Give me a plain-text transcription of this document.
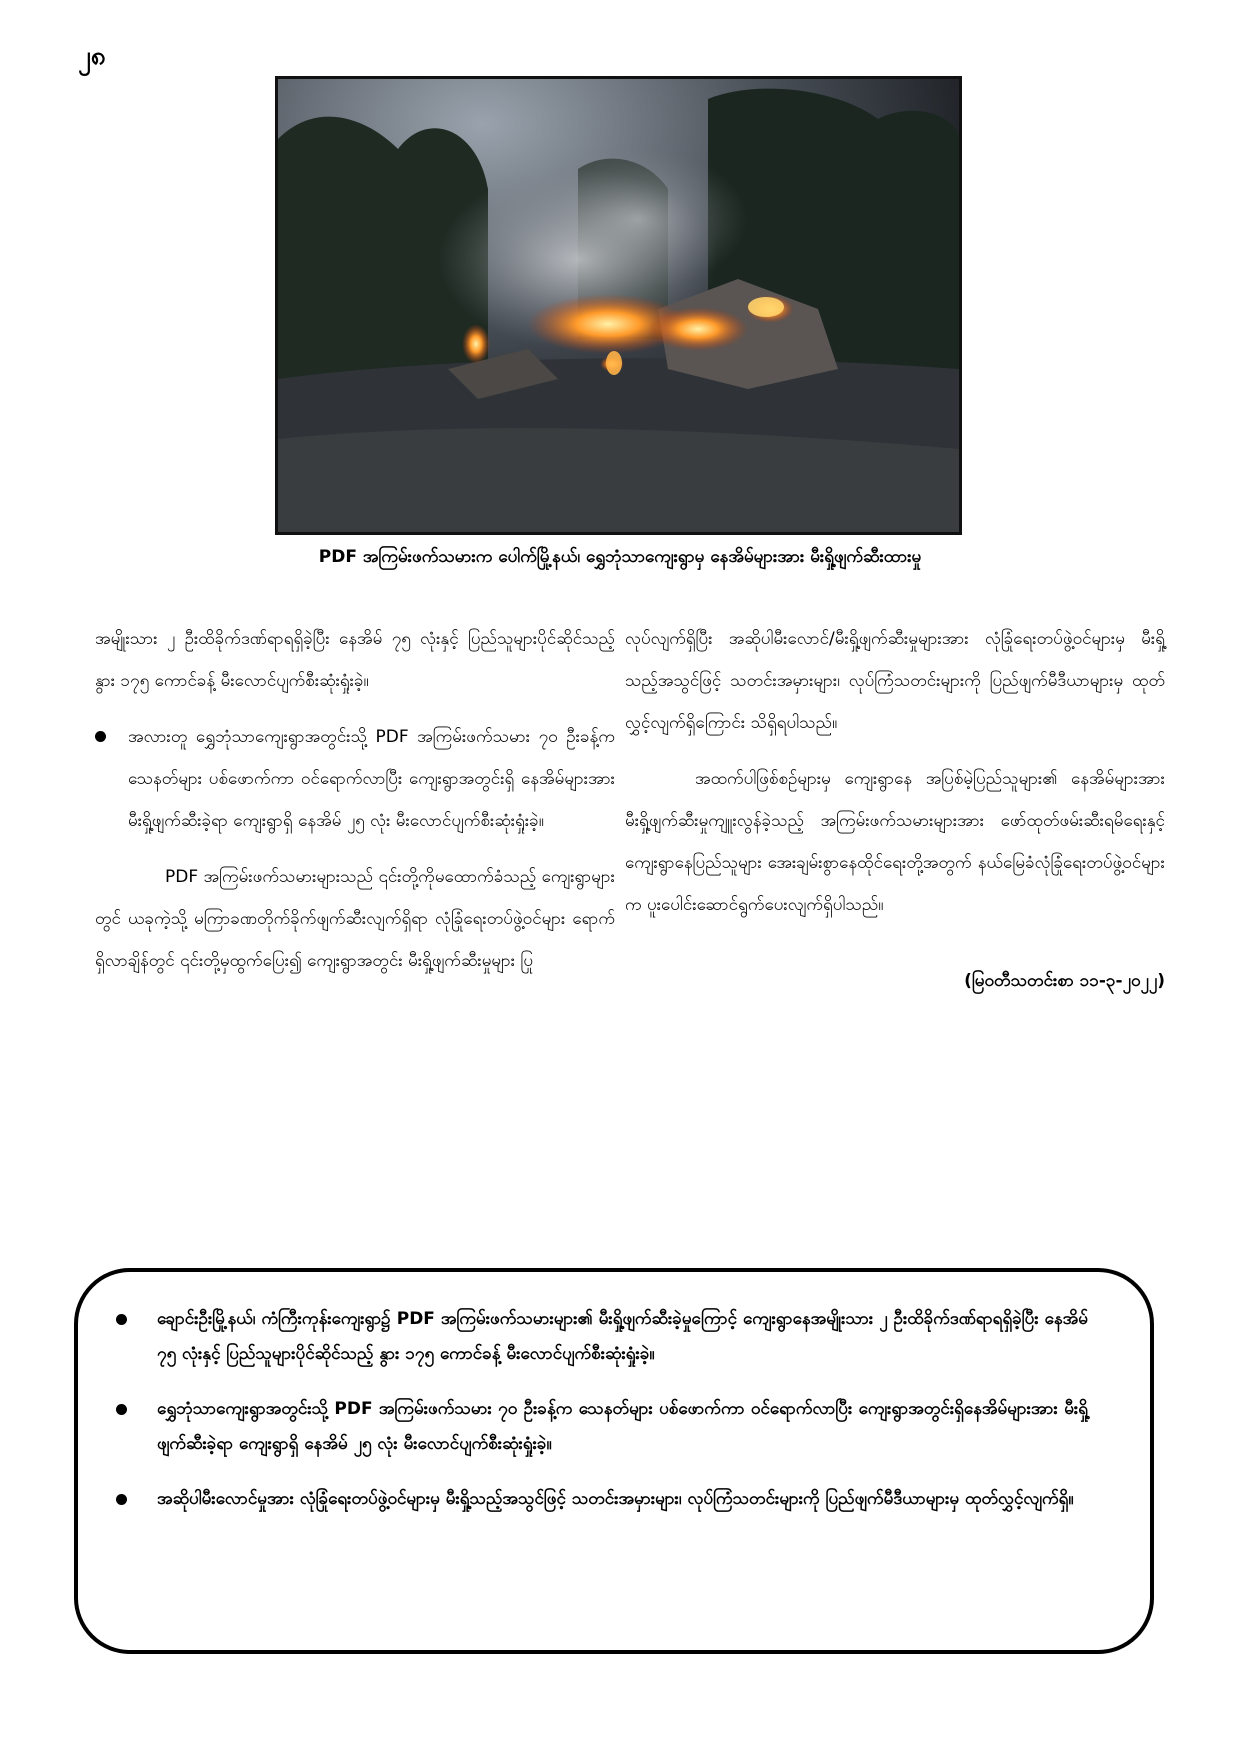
၂၈
PDF အကြမ်းဖက်သမားက ပေါက်မြို့နယ်၊ ရွှေဘုံသာကျေးရွာမှ နေအိမ်များအား မီးရှို့ဖျက်ဆီးထားမှု

အမျိုးသား ၂ ဦးထိခိုက်ဒဏ်ရာရရှိခဲ့ပြီး နေအိမ် ၇၅ လုံးနှင့် ပြည်သူများပိုင်ဆိုင်သည့် နွား ၁၇၅ ကောင်ခန့် မီးလောင်ပျက်စီးဆုံးရှုံးခဲ့။

အလားတူ ရွှေဘုံသာကျေးရွာအတွင်းသို့ PDF အကြမ်းဖက်သမား ၇၀ ဦးခန့်က သေနတ်များ ပစ်ဖောက်ကာ ဝင်ရောက်လာပြီး ကျေးရွာအတွင်းရှိ နေအိမ်များအား မီးရှို့ဖျက်ဆီးခဲ့ရာ ကျေးရွာရှိ နေအိမ် ၂၅ လုံး မီးလောင်ပျက်စီးဆုံးရှုံးခဲ့။

PDF အကြမ်းဖက်သမားများသည် ၎င်းတို့ကိုမထောက်ခံသည့် ကျေးရွာများတွင် ယခုကဲ့သို့ မကြာခဏတိုက်ခိုက်ဖျက်ဆီးလျက်ရှိရာ လုံခြုံရေးတပ်ဖွဲ့ဝင်များ ရောက်ရှိလာချိန်တွင် ၎င်းတို့မှထွက်ပြေး၍ ကျေးရွာအတွင်း မီးရှို့ဖျက်ဆီးမှုများ ပြု

လုပ်လျက်ရှိပြီး အဆိုပါမီးလောင်/မီးရှို့ဖျက်ဆီးမှုများအား လုံခြုံရေးတပ်ဖွဲ့ဝင်များမှ မီးရှို့သည့်အသွင်ဖြင့် သတင်းအမှားများ၊ လုပ်ကြံသတင်းများကို ပြည်ဖျက်မီဒီယာများမှ ထုတ်လွှင့်လျက်ရှိကြောင်း သိရှိရပါသည်။

အထက်ပါဖြစ်စဉ်များမှ ကျေးရွာနေ အပြစ်မဲ့ပြည်သူများ၏ နေအိမ်များအား မီးရှို့ဖျက်ဆီးမှုကျူးလွန်ခဲ့သည့် အကြမ်းဖက်သမားများအား ဖော်ထုတ်ဖမ်းဆီးရမိရေးနှင့် ကျေးရွာနေပြည်သူများ အေးချမ်းစွာနေထိုင်ရေးတို့အတွက် နယ်မြေခံလုံခြုံရေးတပ်ဖွဲ့ဝင်များက ပူးပေါင်းဆောင်ရွက်ပေးလျက်ရှိပါသည်။

(မြဝတီသတင်းစာ ၁၁-၃-၂၀၂၂)
ချောင်းဦးမြို့နယ်၊ ကံကြီးကုန်းကျေးရွာ၌ PDF အကြမ်းဖက်သမားများ၏ မီးရှို့ဖျက်ဆီးခဲ့မှုကြောင့် ကျေးရွာနေအမျိုးသား ၂ ဦးထိခိုက်ဒဏ်ရာရရှိခဲ့ပြီး နေအိမ် ၇၅ လုံးနှင့် ပြည်သူများပိုင်ဆိုင်သည့် နွား ၁၇၅ ကောင်ခန့် မီးလောင်ပျက်စီးဆုံးရှုံးခဲ့။
ရွှေဘုံသာကျေးရွာအတွင်းသို့ PDF အကြမ်းဖက်သမား ၇၀ ဦးခန့်က သေနတ်များ ပစ်ဖောက်ကာ ဝင်ရောက်လာပြီး ကျေးရွာအတွင်းရှိနေအိမ်များအား မီးရှို့ဖျက်ဆီးခဲ့ရာ ကျေးရွာရှိ နေအိမ် ၂၅ လုံး မီးလောင်ပျက်စီးဆုံးရှုံးခဲ့။
အဆိုပါမီးလောင်မှုအား လုံခြုံရေးတပ်ဖွဲ့ဝင်များမှ မီးရှို့သည့်အသွင်ဖြင့် သတင်းအမှားများ၊ လုပ်ကြံသတင်းများကို ပြည်ဖျက်မီဒီယာများမှ ထုတ်လွှင့်လျက်ရှိ။
